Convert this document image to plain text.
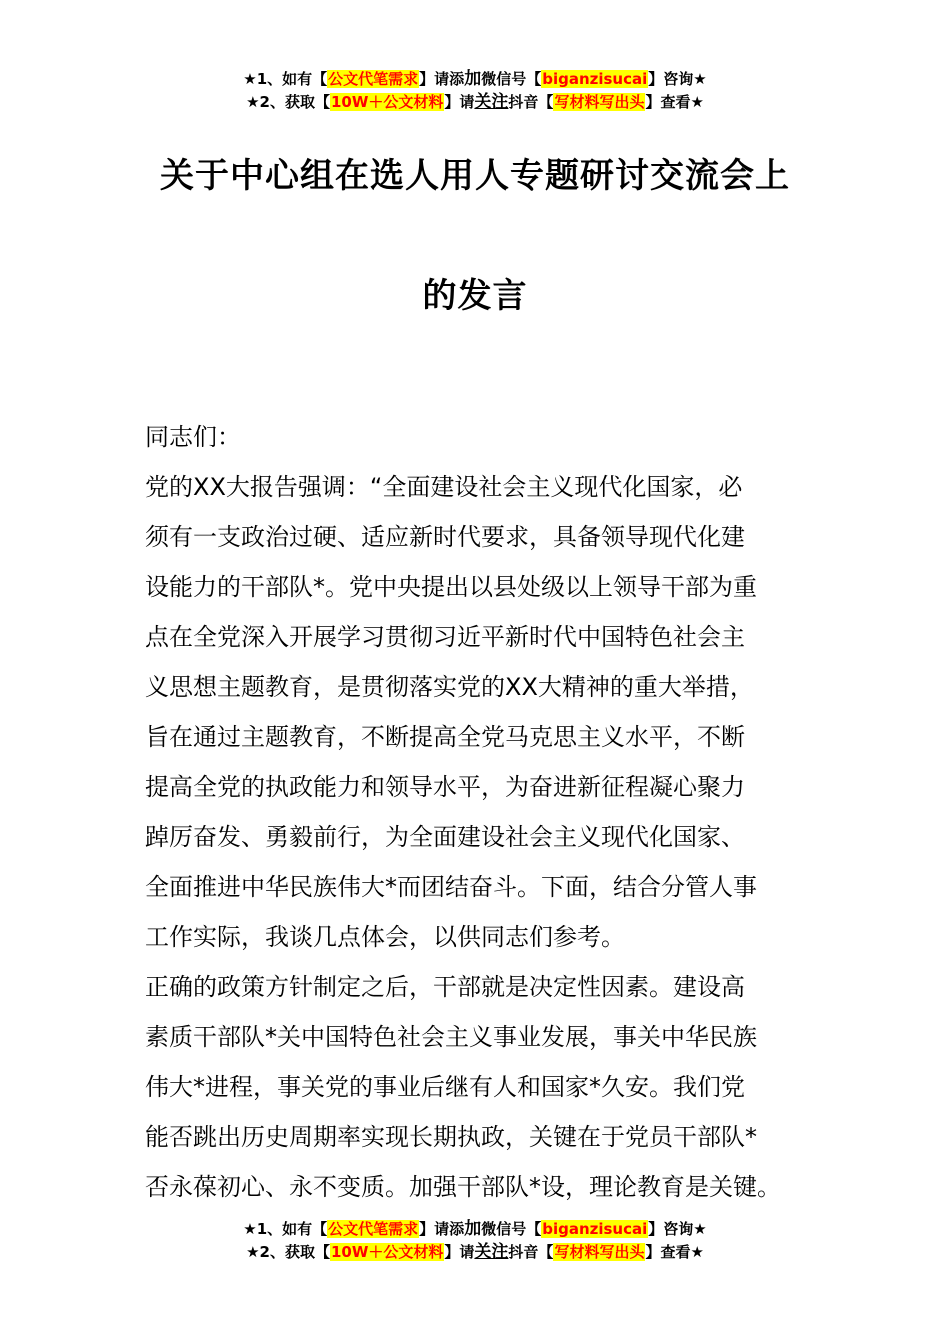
★1、如有【公文代笔需求】请添加微信号【biganzisucai】咨询★
★2、获取【10W＋公文材料】请关注抖音【写材料写出头】查看★
关于中心组在选人用人专题研讨交流会上
的发言
同志们：
党的XX大报告强调：“全面建设社会主义现代化国家，必
须有一支政治过硬、适应新时代要求，具备领导现代化建
设能力的干部队*。党中央提出以县处级以上领导干部为重
点在全党深入开展学习贯彻习近平新时代中国特色社会主
义思想主题教育，是贯彻落实党的XX大精神的重大举措，
旨在通过主题教育，不断提高全党马克思主义水平，不断
提高全党的执政能力和领导水平，为奋进新征程凝心聚力
踔厉奋发、勇毅前行，为全面建设社会主义现代化国家、
全面推进中华民族伟大*而团结奋斗。下面，结合分管人事
工作实际，我谈几点体会，以供同志们参考。
正确的政策方针制定之后，干部就是决定性因素。建设高
素质干部队*关中国特色社会主义事业发展，事关中华民族
伟大*进程，事关党的事业后继有人和国家*久安。我们党
能否跳出历史周期率实现长期执政，关键在于党员干部队*
否永葆初心、永不变质。加强干部队*设，理论教育是关键。
★1、如有【公文代笔需求】请添加微信号【biganzisucai】咨询★
★2、获取【10W＋公文材料】请关注抖音【写材料写出头】查看★
